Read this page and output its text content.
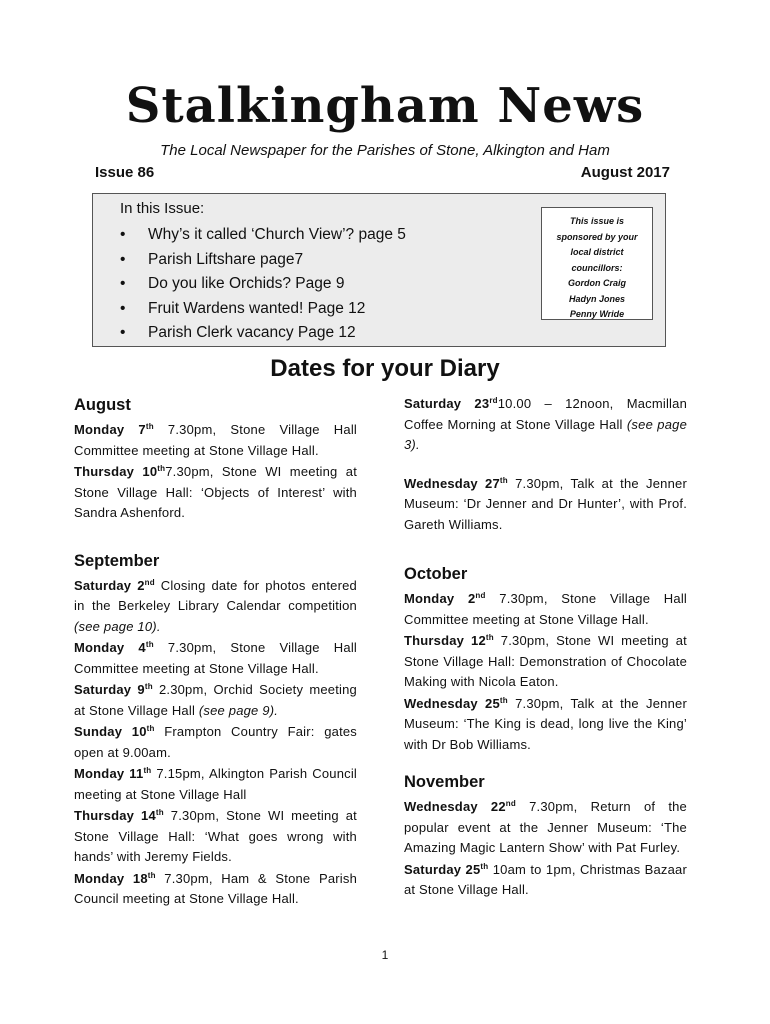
Stalkingham News
The Local Newspaper for the Parishes of Stone, Alkington and Ham
Issue 86	August 2017
In this Issue:
• Why’s it called ‘Church View’? page 5
• Parish Liftshare page7
• Do you like Orchids? Page 9
• Fruit Wardens wanted! Page 12
• Parish Clerk vacancy Page 12
This issue is
sponsored by your
local district
councillors:
Gordon Craig
Hadyn Jones
Penny Wride
Dates for your Diary
August
Monday 7th 7.30pm, Stone Village Hall Committee meeting at Stone Village Hall.
Thursday 10th7.30pm, Stone WI meeting at Stone Village Hall: ‘Objects of Interest’ with Sandra Ashenford.
September
Saturday 2nd Closing date for photos entered in the Berkeley Library Calendar competition (see page 10).
Monday 4th 7.30pm, Stone Village Hall Committee meeting at Stone Village Hall.
Saturday 9th 2.30pm, Orchid Society meeting at Stone Village Hall (see page 9).
Sunday 10th Frampton Country Fair: gates open at 9.00am.
Monday 11th 7.15pm, Alkington Parish Council meeting at Stone Village Hall
Thursday 14th 7.30pm, Stone WI meeting at Stone Village Hall: ‘What goes wrong with hands’ with Jeremy Fields.
Monday 18th 7.30pm, Ham & Stone Parish Council meeting at Stone Village Hall.
Saturday 23rd10.00 – 12noon, Macmillan Coffee Morning at Stone Village Hall (see page 3).
Wednesday 27th 7.30pm, Talk at the Jenner Museum: ‘Dr Jenner and Dr Hunter’, with Prof. Gareth Williams.
October
Monday 2nd 7.30pm, Stone Village Hall Committee meeting at Stone Village Hall.
Thursday 12th 7.30pm, Stone WI meeting at Stone Village Hall: Demonstration of Chocolate Making with Nicola Eaton.
Wednesday 25th 7.30pm, Talk at the Jenner Museum: ‘The King is dead, long live the King’ with Dr Bob Williams.
November
Wednesday 22nd 7.30pm, Return of the popular event at the Jenner Museum: ‘The Amazing Magic Lantern Show’ with Pat Furley.
Saturday 25th 10am to 1pm, Christmas Bazaar at Stone Village Hall.
1
